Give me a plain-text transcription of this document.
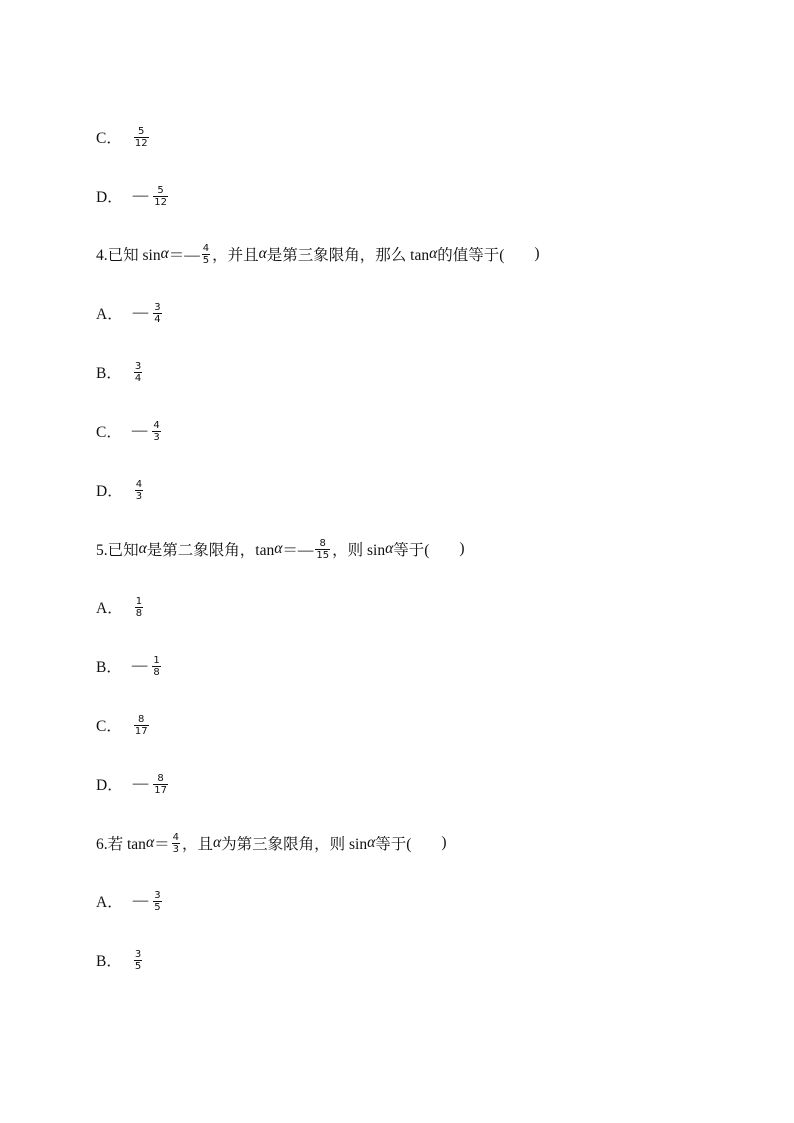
C． $\frac{5}{12}$
D． — $\frac{5}{12}$
4.已知 sin α ＝— $\frac{4}{5}$ ，并且 α 是第三象限角，那么 tan α 的值等于( )
A． — $\frac{3}{4}$
B． $\frac{3}{4}$
C． — $\frac{4}{3}$
D． $\frac{4}{3}$
5.已知 α 是第二象限角，tan α ＝— $\frac{8}{15}$ ，则 sin α 等于( )
A． $\frac{1}{8}$
B． — $\frac{1}{8}$
C． $\frac{8}{17}$
D． — $\frac{8}{17}$
6.若 $\tan \alpha = \frac{4}{3}$ ，且 α 为第三象限角，则 sin α 等于( )
A． — $\frac{3}{5}$
B． $\frac{3}{5}$
